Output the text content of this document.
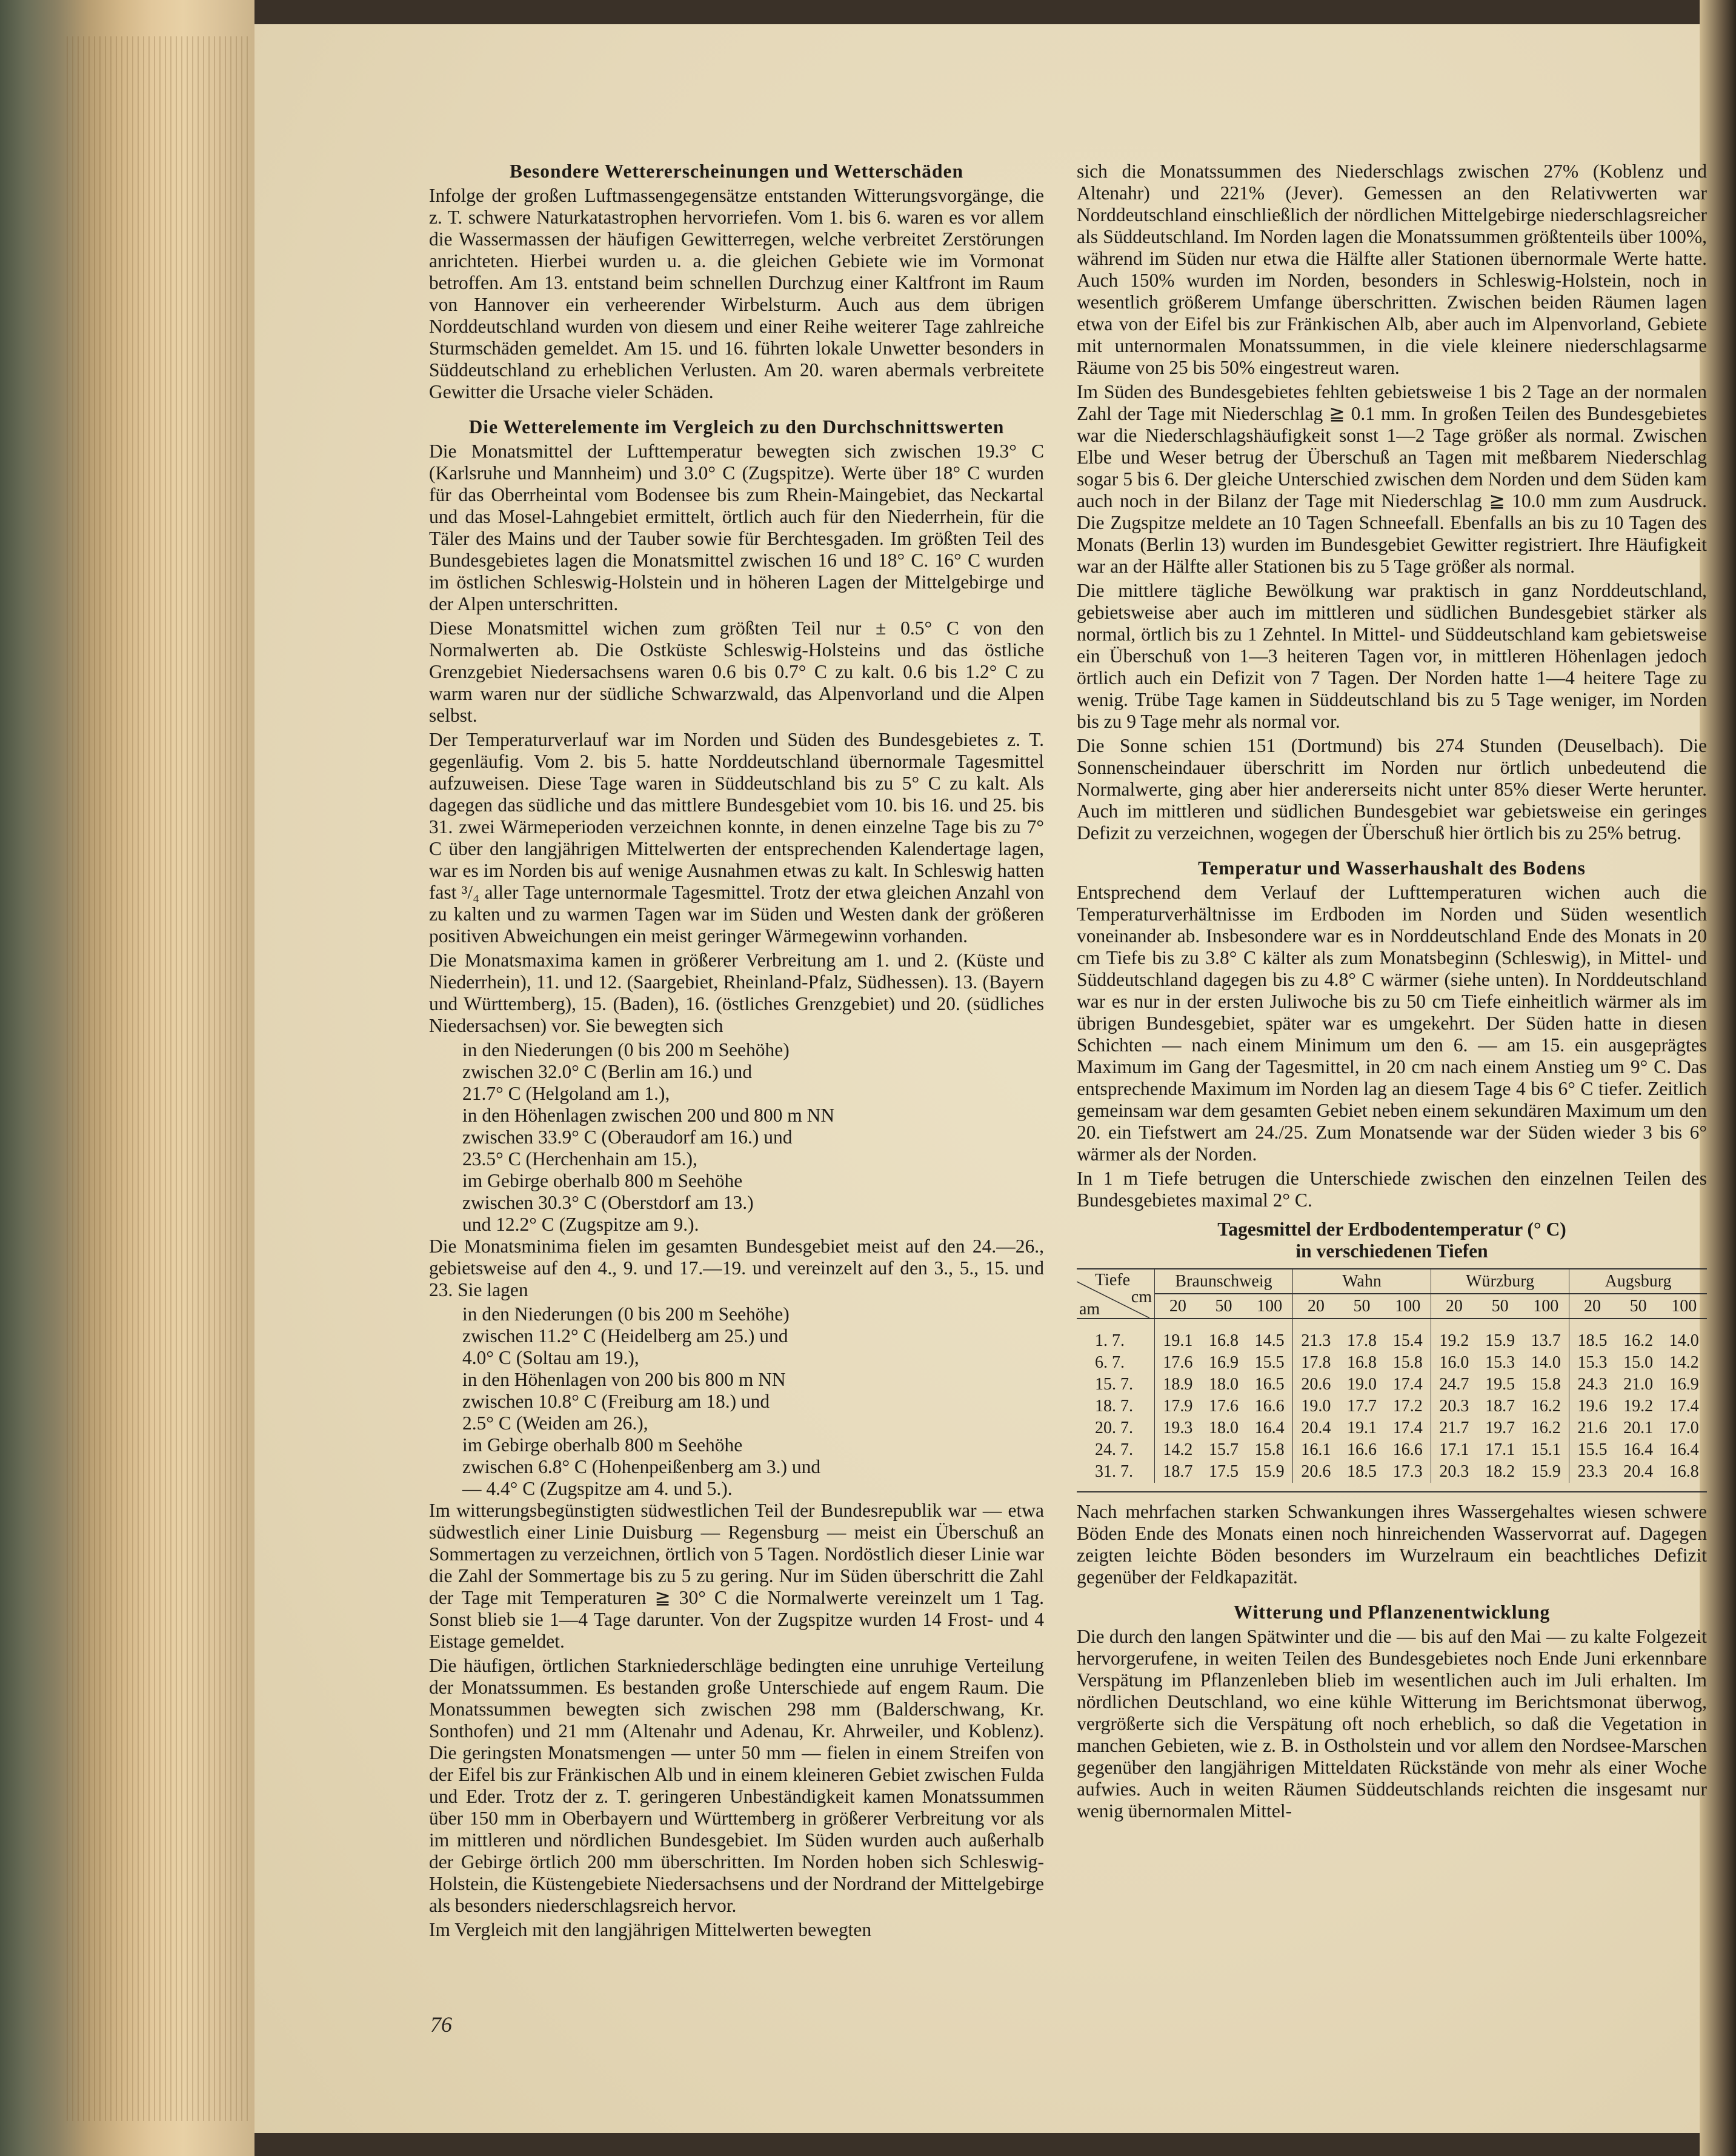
Besondere Wettererscheinungen und Wetterschäden

Infolge der großen Luftmassengegensätze entstanden Witterungsvorgänge, die z. T. schwere Naturkatastrophen hervorriefen. Vom 1. bis 6. waren es vor allem die Wassermassen der häufigen Gewitterregen, welche verbreitet Zerstörungen anrichteten. Hierbei wurden u. a. die gleichen Gebiete wie im Vormonat betroffen. Am 13. entstand beim schnellen Durchzug einer Kaltfront im Raum von Hannover ein verheerender Wirbelsturm. Auch aus dem übrigen Norddeutschland wurden von diesem und einer Reihe weiterer Tage zahlreiche Sturmschäden gemeldet. Am 15. und 16. führten lokale Unwetter besonders in Süddeutschland zu erheblichen Verlusten. Am 20. waren abermals verbreitete Gewitter die Ursache vieler Schäden.

Die Wetterelemente im Vergleich zu den Durchschnittswerten

Die Monatsmittel der Lufttemperatur bewegten sich zwischen 19.3° C (Karlsruhe und Mannheim) und 3.0° C (Zugspitze). Werte über 18° C wurden für das Oberrheintal vom Bodensee bis zum Rhein-Maingebiet, das Neckartal und das Mosel-Lahngebiet ermittelt, örtlich auch für den Niederrhein, für die Täler des Mains und der Tauber sowie für Berchtesgaden. Im größten Teil des Bundesgebietes lagen die Monatsmittel zwischen 16 und 18° C. 16° C wurden im östlichen Schleswig-Holstein und in höheren Lagen der Mittelgebirge und der Alpen unterschritten.

Diese Monatsmittel wichen zum größten Teil nur ± 0.5° C von den Normalwerten ab. Die Ostküste Schleswig-Holsteins und das östliche Grenzgebiet Niedersachsens waren 0.6 bis 0.7° C zu kalt. 0.6 bis 1.2° C zu warm waren nur der südliche Schwarzwald, das Alpenvorland und die Alpen selbst.

Der Temperaturverlauf war im Norden und Süden des Bundesgebietes z. T. gegenläufig. Vom 2. bis 5. hatte Norddeutschland übernormale Tagesmittel aufzuweisen. Diese Tage waren in Süddeutschland bis zu 5° C zu kalt. Als dagegen das südliche und das mittlere Bundesgebiet vom 10. bis 16. und 25. bis 31. zwei Wärmeperioden verzeichnen konnte, in denen einzelne Tage bis zu 7° C über den langjährigen Mittelwerten der entsprechenden Kalendertage lagen, war es im Norden bis auf wenige Ausnahmen etwas zu kalt. In Schleswig hatten fast ³/₄ aller Tage unternormale Tagesmittel. Trotz der etwa gleichen Anzahl von zu kalten und zu warmen Tagen war im Süden und Westen dank der größeren positiven Abweichungen ein meist geringer Wärmegewinn vorhanden.

Die Monatsmaxima kamen in größerer Verbreitung am 1. und 2. (Küste und Niederrhein), 11. und 12. (Saargebiet, Rheinland-Pfalz, Südhessen). 13. (Bayern und Württemberg), 15. (Baden), 16. (östliches Grenzgebiet) und 20. (südliches Niedersachsen) vor. Sie bewegten sich

in den Niederungen (0 bis 200 m Seehöhe)

zwischen 32.0° C (Berlin am 16.) und

21.7° C (Helgoland am 1.),

in den Höhenlagen zwischen 200 und 800 m NN

zwischen 33.9° C (Oberaudorf am 16.) und

23.5° C (Herchenhain am 15.),

im Gebirge oberhalb 800 m Seehöhe

zwischen 30.3° C (Oberstdorf am 13.)

und 12.2° C (Zugspitze am 9.).

Die Monatsminima fielen im gesamten Bundesgebiet meist auf den 24.—26., gebietsweise auf den 4., 9. und 17.—19. und vereinzelt auf den 3., 5., 15. und 23. Sie lagen

in den Niederungen (0 bis 200 m Seehöhe)

zwischen 11.2° C (Heidelberg am 25.) und

4.0° C (Soltau am 19.),

in den Höhenlagen von 200 bis 800 m NN

zwischen 10.8° C (Freiburg am 18.) und

2.5° C (Weiden am 26.),

im Gebirge oberhalb 800 m Seehöhe

zwischen 6.8° C (Hohenpeißenberg am 3.) und

— 4.4° C (Zugspitze am 4. und 5.).

Im witterungsbegünstigten südwestlichen Teil der Bundesrepublik war — etwa südwestlich einer Linie Duisburg — Regensburg — meist ein Überschuß an Sommertagen zu verzeichnen, örtlich von 5 Tagen. Nordöstlich dieser Linie war die Zahl der Sommertage bis zu 5 zu gering. Nur im Süden überschritt die Zahl der Tage mit Temperaturen ≧ 30° C die Normalwerte vereinzelt um 1 Tag. Sonst blieb sie 1—4 Tage darunter. Von der Zugspitze wurden 14 Frost- und 4 Eistage gemeldet.

Die häufigen, örtlichen Starkniederschläge bedingten eine unruhige Verteilung der Monatssummen. Es bestanden große Unterschiede auf engem Raum. Die Monatssummen bewegten sich zwischen 298 mm (Balderschwang, Kr. Sonthofen) und 21 mm (Altenahr und Adenau, Kr. Ahrweiler, und Koblenz). Die geringsten Monatsmengen — unter 50 mm — fielen in einem Streifen von der Eifel bis zur Fränkischen Alb und in einem kleineren Gebiet zwischen Fulda und Eder. Trotz der z. T. geringeren Unbeständigkeit kamen Monatssummen über 150 mm in Oberbayern und Württemberg in größerer Verbreitung vor als im mittleren und nördlichen Bundesgebiet. Im Süden wurden auch außerhalb der Gebirge örtlich 200 mm überschritten. Im Norden hoben sich Schleswig-Holstein, die Küstengebiete Niedersachsens und der Nordrand der Mittelgebirge als besonders niederschlagsreich hervor.

Im Vergleich mit den langjährigen Mittelwerten bewegten

sich die Monatssummen des Niederschlags zwischen 27% (Koblenz und Altenahr) und 221% (Jever). Gemessen an den Relativwerten war Norddeutschland einschließlich der nördlichen Mittelgebirge niederschlagsreicher als Süddeutschland. Im Norden lagen die Monatssummen größtenteils über 100%, während im Süden nur etwa die Hälfte aller Stationen übernormale Werte hatte. Auch 150% wurden im Norden, besonders in Schleswig-Holstein, noch in wesentlich größerem Umfange überschritten. Zwischen beiden Räumen lagen etwa von der Eifel bis zur Fränkischen Alb, aber auch im Alpenvorland, Gebiete mit unternormalen Monatssummen, in die viele kleinere niederschlagsarme Räume von 25 bis 50% eingestreut waren.

Im Süden des Bundesgebietes fehlten gebietsweise 1 bis 2 Tage an der normalen Zahl der Tage mit Niederschlag ≧ 0.1 mm. In großen Teilen des Bundesgebietes war die Niederschlagshäufigkeit sonst 1—2 Tage größer als normal. Zwischen Elbe und Weser betrug der Überschuß an Tagen mit meßbarem Niederschlag sogar 5 bis 6. Der gleiche Unterschied zwischen dem Norden und dem Süden kam auch noch in der Bilanz der Tage mit Niederschlag ≧ 10.0 mm zum Ausdruck. Die Zugspitze meldete an 10 Tagen Schneefall. Ebenfalls an bis zu 10 Tagen des Monats (Berlin 13) wurden im Bundesgebiet Gewitter registriert. Ihre Häufigkeit war an der Hälfte aller Stationen bis zu 5 Tage größer als normal.

Die mittlere tägliche Bewölkung war praktisch in ganz Norddeutschland, gebietsweise aber auch im mittleren und südlichen Bundesgebiet stärker als normal, örtlich bis zu 1 Zehntel. In Mittel- und Süddeutschland kam gebietsweise ein Überschuß von 1—3 heiteren Tagen vor, in mittleren Höhenlagen jedoch örtlich auch ein Defizit von 7 Tagen. Der Norden hatte 1—4 heitere Tage zu wenig. Trübe Tage kamen in Süddeutschland bis zu 5 Tage weniger, im Norden bis zu 9 Tage mehr als normal vor.

Die Sonne schien 151 (Dortmund) bis 274 Stunden (Deuselbach). Die Sonnenscheindauer überschritt im Norden nur örtlich unbedeutend die Normalwerte, ging aber hier andererseits nicht unter 85% dieser Werte herunter. Auch im mittleren und südlichen Bundesgebiet war gebietsweise ein geringes Defizit zu verzeichnen, wogegen der Überschuß hier örtlich bis zu 25% betrug.

Temperatur und Wasserhaushalt des Bodens

Entsprechend dem Verlauf der Lufttemperaturen wichen auch die Temperaturverhältnisse im Erdboden im Norden und Süden wesentlich voneinander ab. Insbesondere war es in Norddeutschland Ende des Monats in 20 cm Tiefe bis zu 3.8° C kälter als zum Monatsbeginn (Schleswig), in Mittel- und Süddeutschland dagegen bis zu 4.8° C wärmer (siehe unten). In Norddeutschland war es nur in der ersten Juliwoche bis zu 50 cm Tiefe einheitlich wärmer als im übrigen Bundesgebiet, später war es umgekehrt. Der Süden hatte in diesen Schichten — nach einem Minimum um den 6. — am 15. ein ausgeprägtes Maximum im Gang der Tagesmittel, in 20 cm nach einem Anstieg um 9° C. Das entsprechende Maximum im Norden lag an diesem Tage 4 bis 6° C tiefer. Zeitlich gemeinsam war dem gesamten Gebiet neben einem sekundären Maximum um den 20. ein Tiefstwert am 24./25. Zum Monatsende war der Süden wieder 3 bis 6° wärmer als der Norden.

In 1 m Tiefe betrugen die Unterschiede zwischen den einzelnen Teilen des Bundesgebietes maximal 2° C.

Tagesmittel der Erdbodentemperatur (° C)
in verschiedenen Tiefen
Tiefe
cm
am	Braunschweig			Wahn			Würzburg			Augsburg		
	20	50	100	20	50	100	20	50	100	20	50	100
1. 7.	19.1	16.8	14.5	21.3	17.8	15.4	19.2	15.9	13.7	18.5	16.2	14.0
6. 7.	17.6	16.9	15.5	17.8	16.8	15.8	16.0	15.3	14.0	15.3	15.0	14.2
15. 7.	18.9	18.0	16.5	20.6	19.0	17.4	24.7	19.5	15.8	24.3	21.0	16.9
18. 7.	17.9	17.6	16.6	19.0	17.7	17.2	20.3	18.7	16.2	19.6	19.2	17.4
20. 7.	19.3	18.0	16.4	20.4	19.1	17.4	21.7	19.7	16.2	21.6	20.1	17.0
24. 7.	14.2	15.7	15.8	16.1	16.6	16.6	17.1	17.1	15.1	15.5	16.4	16.4
31. 7.	18.7	17.5	15.9	20.6	18.5	17.3	20.3	18.2	15.9	23.3	20.4	16.8

Nach mehrfachen starken Schwankungen ihres Wassergehaltes wiesen schwere Böden Ende des Monats einen noch hinreichenden Wasservorrat auf. Dagegen zeigten leichte Böden besonders im Wurzelraum ein beachtliches Defizit gegenüber der Feldkapazität.

Witterung und Pflanzenentwicklung

Die durch den langen Spätwinter und die — bis auf den Mai — zu kalte Folgezeit hervorgerufene, in weiten Teilen des Bundesgebietes noch Ende Juni erkennbare Verspätung im Pflanzenleben blieb im wesentlichen auch im Juli erhalten. Im nördlichen Deutschland, wo eine kühle Witterung im Berichtsmonat überwog, vergrößerte sich die Verspätung oft noch erheblich, so daß die Vegetation in manchen Gebieten, wie z. B. in Ostholstein und vor allem den Nordsee-Marschen gegenüber den langjährigen Mitteldaten Rückstände von mehr als einer Woche aufwies. Auch in weiten Räumen Süddeutschlands reichten die insgesamt nur wenig übernormalen Mittel-

76
